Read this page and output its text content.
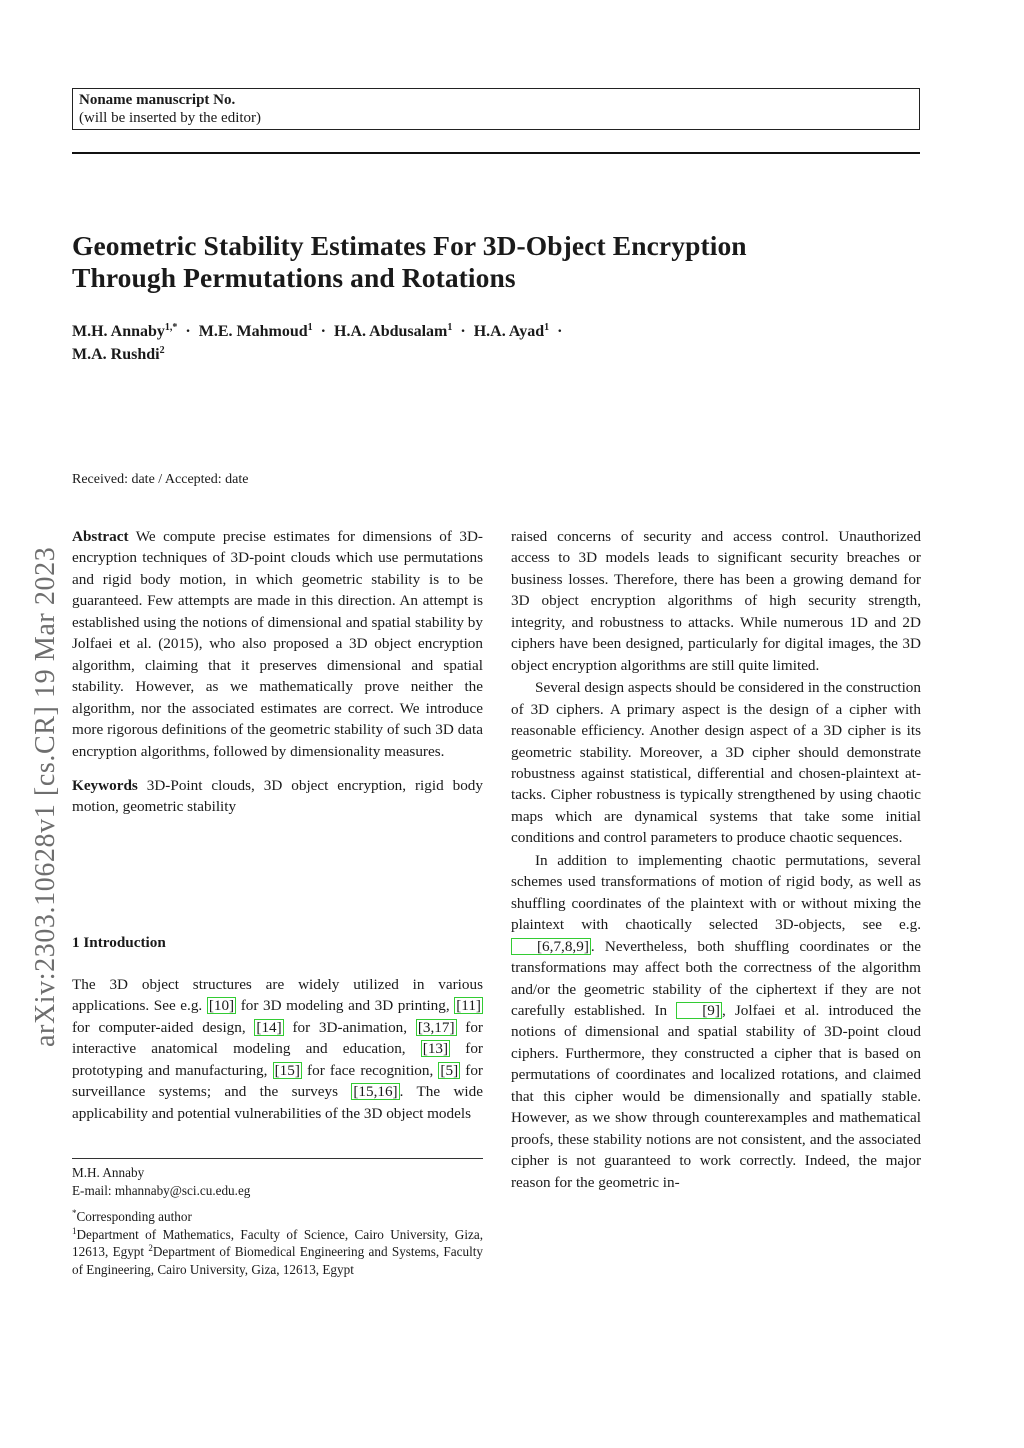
Noname manuscript No.
(will be inserted by the editor)
Geometric Stability Estimates For 3D-Object Encryption
Through Permutations and Rotations
M.H. Annaby$^{1,*}$ · M.E. Mahmoud$^1$ · H.A. Abdusalam$^1$ · H.A. Ayad$^1$ ·
M.A. Rushdi$^2$
Received: date / Accepted: date
arXiv:2303.10628v1 [cs.CR] 19 Mar 2023

Abstract We compute precise estimates for dimensions of 3D-encryption techniques of 3D-point clouds which use permutations and rigid body motion, in which geometric stability is to be guaranteed. Few attempts are made in this direction. An attempt is established using the notions of dimensional and spatial stability by Jolfaei et al. (2015), who also proposed a 3D object encryption algorithm, claiming that it preserves dimensional and spatial stability. However, as we mathematically prove neither the algorithm, nor the associated estimates are correct. We introduce more rigorous definitions of the geometric stability of such 3D data encryption algorithms, followed by dimensionality measures.

Keywords 3D-Point clouds, 3D object encryption, rigid body motion, geometric stability

1 Introduction

The 3D object structures are widely utilized in various applications. See e.g. [10] for 3D modeling and 3D printing, [11] for computer-aided design, [14] for 3D-animation, [3,17] for interactive anatomical modeling and education, [13] for prototyping and manufacturing, [15] for face recognition, [5] for surveillance systems; and the surveys [15,16] . The wide applicability and potential vulnerabilities of the 3D object models

M.H. Annaby
E-mail: mhannaby@sci.cu.edu.eg
*Corresponding author
$^1$Department of Mathematics, Faculty of Science, Cairo University, Giza, 12613, Egypt $^2$Department of Biomedical Engineering and Systems, Faculty of Engineering, Cairo University, Giza, 12613, Egypt

raised concerns of security and access control. Unauthorized access to 3D models leads to significant security breaches or business losses. Therefore, there has been a growing demand for 3D object encryption algorithms of high security strength, integrity, and robustness to attacks. While numerous 1D and 2D ciphers have been designed, particularly for digital images, the 3D object encryption algorithms are still quite limited.

Several design aspects should be considered in the construction of 3D ciphers. A primary aspect is the design of a cipher with reasonable efficiency. Another design aspect of a 3D cipher is its geometric stability. Moreover, a 3D cipher should demonstrate robustness against statistical, differential and chosen-plaintext attacks. Cipher robustness is typically strengthened by using chaotic maps which are dynamical systems that take some initial conditions and control parameters to produce chaotic sequences.

In addition to implementing chaotic permutations, several schemes used transformations of motion of rigid body, as well as shuffling coordinates of the plaintext with or without mixing the plaintext with chaotically selected 3D-objects, see e.g. [6,7,8,9] . Nevertheless, both shuffling coordinates or the transformations may affect both the correctness of the algorithm and/or the geometric stability of the ciphertext if they are not carefully established. In [9] , Jolfaei et al. introduced the notions of dimensional and spatial stability of 3D-point cloud ciphers. Furthermore, they constructed a cipher that is based on permutations of coordinates and localized rotations, and claimed that this cipher would be dimensionally and spatially stable. However, as we show through counterexamples and mathematical proofs, these stability notions are not consistent, and the associated cipher is not guaranteed to work correctly. Indeed, the major reason for the geometric in-
